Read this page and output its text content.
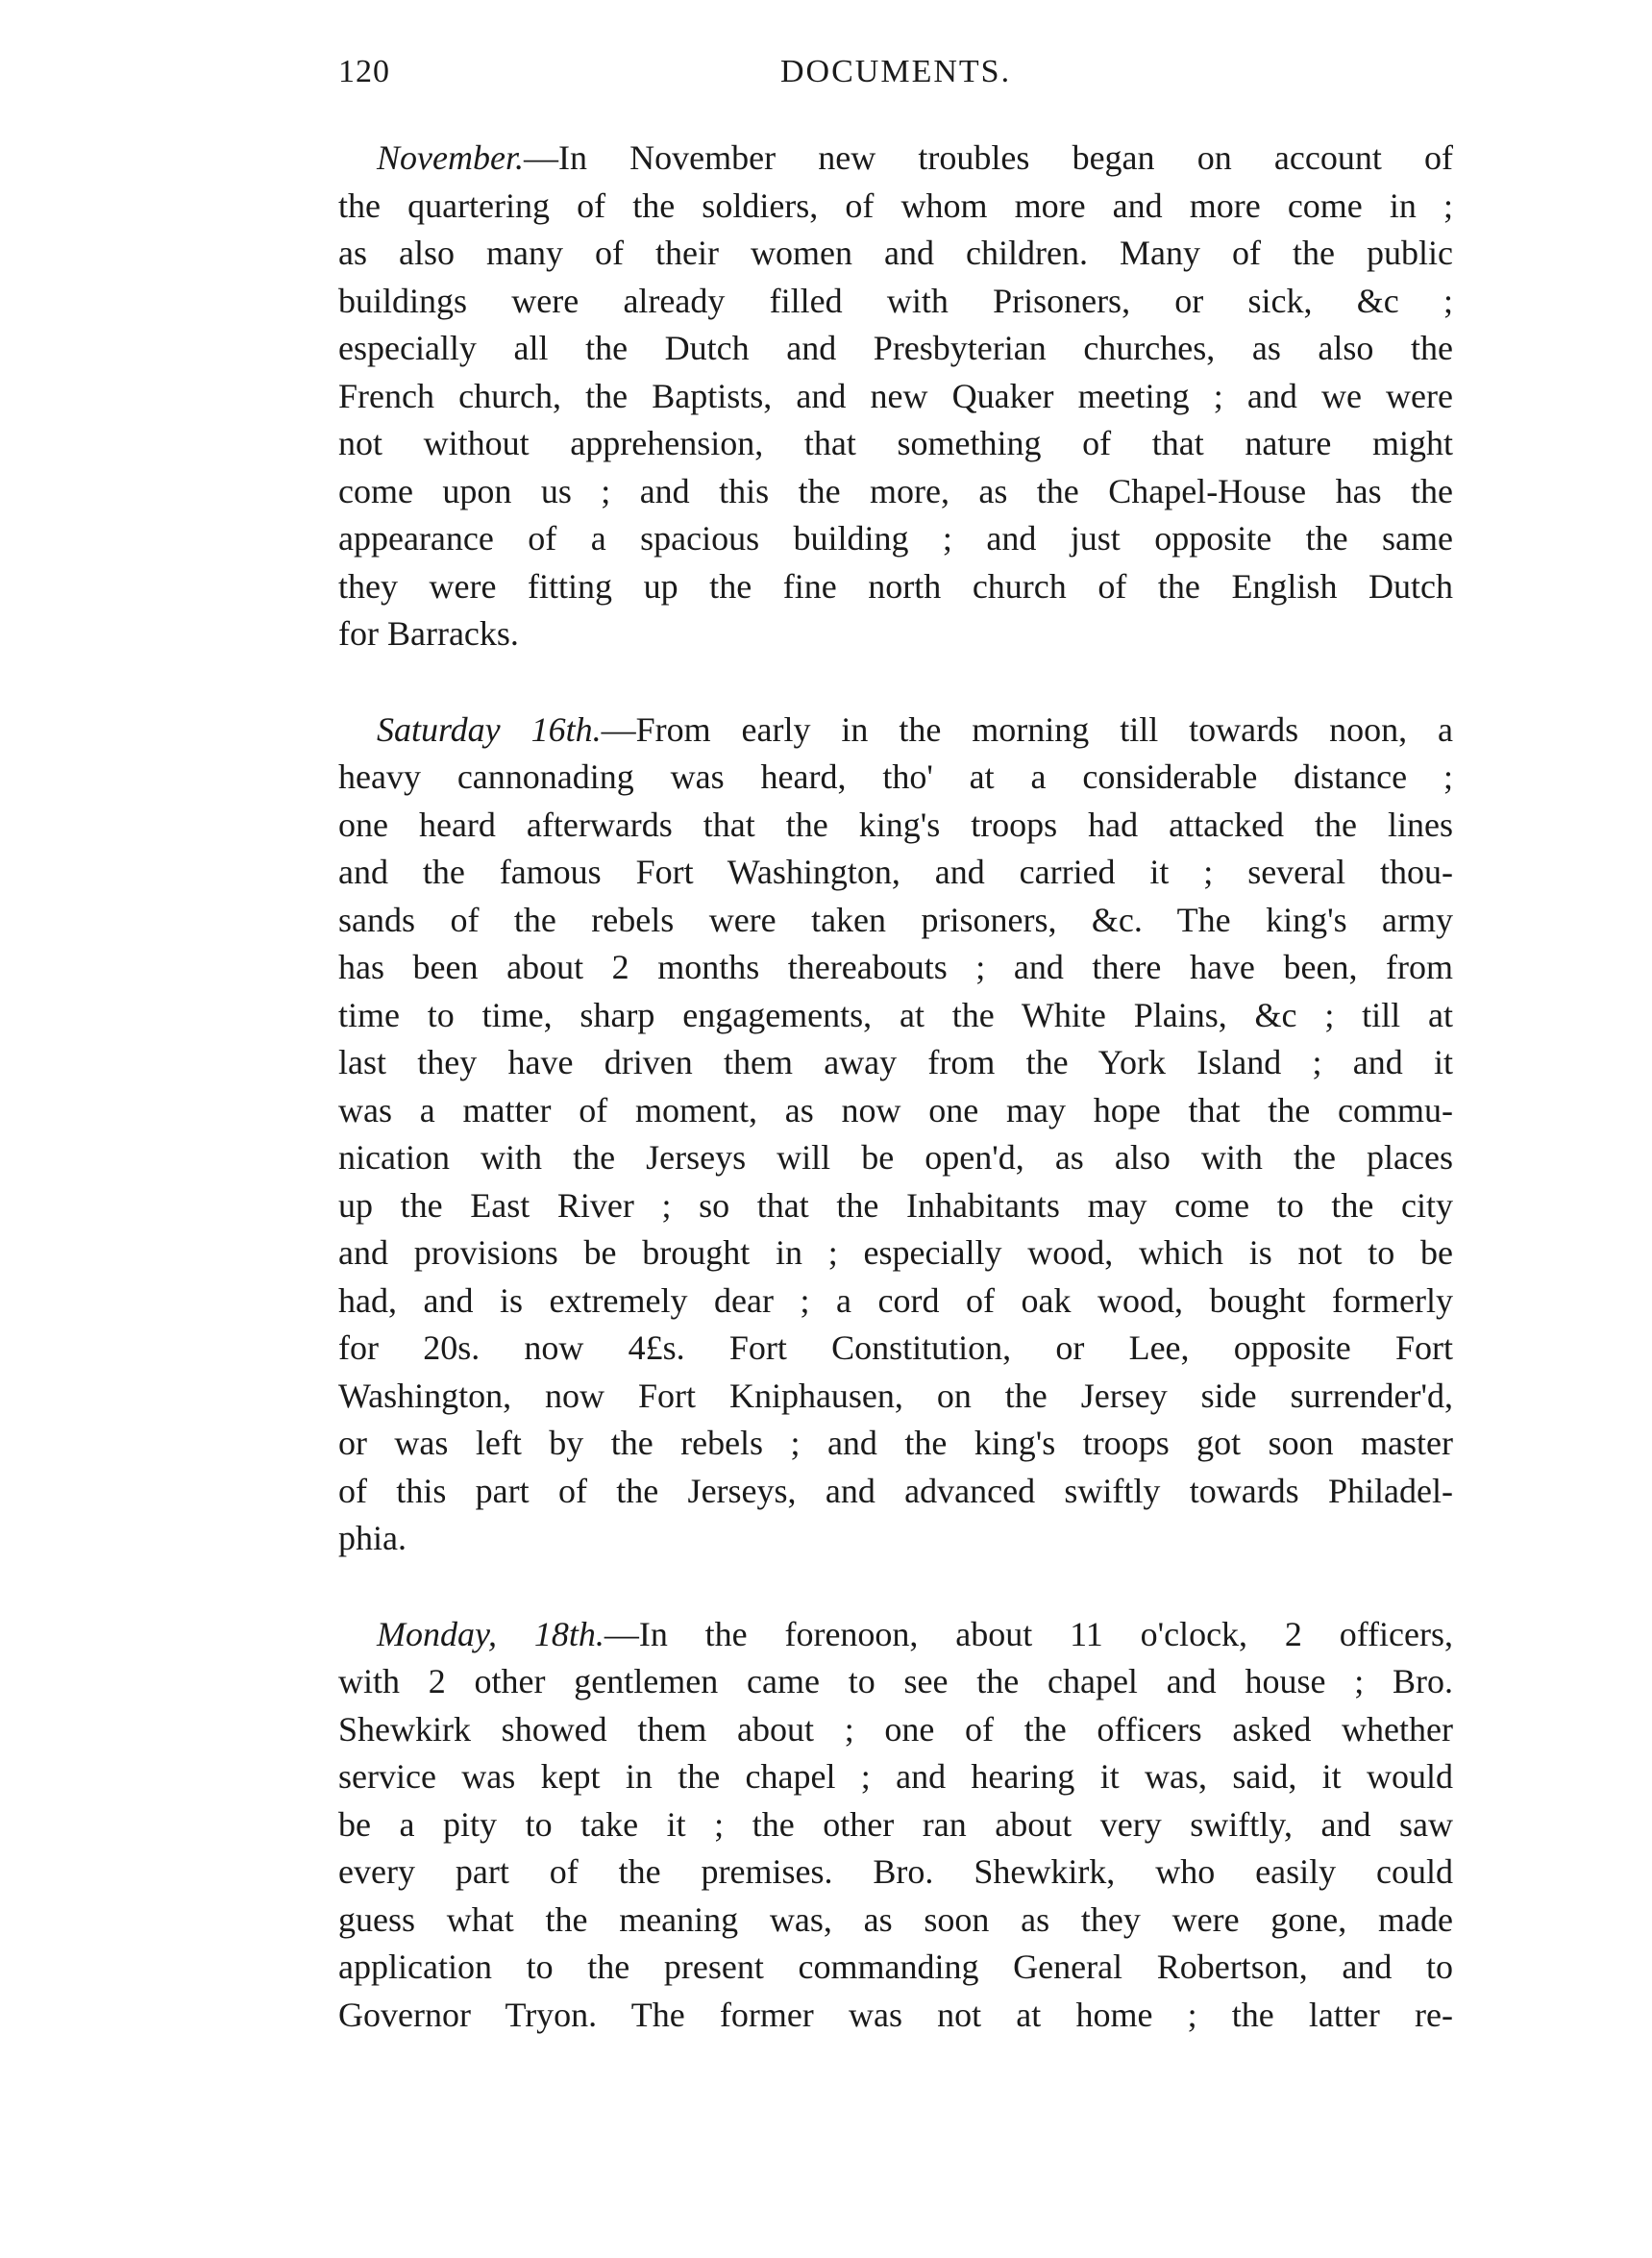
120	DOCUMENTS.
November.—In November new troubles began on account of
the quartering of the soldiers, of whom more and more come in ;
as also many of their women and children. Many of the public
buildings were already filled with Prisoners, or sick, &c ;
especially all the Dutch and Presbyterian churches, as also the
French church, the Baptists, and new Quaker meeting ; and we were
not without apprehension, that something of that nature might
come upon us ; and this the more, as the Chapel-House has the
appearance of a spacious building ; and just opposite the same
they were fitting up the fine north church of the English Dutch
for Barracks.
Saturday 16th.—From early in the morning till towards noon, a
heavy cannonading was heard, tho' at a considerable distance ;
one heard afterwards that the king's troops had attacked the lines
and the famous Fort Washington, and carried it ; several thou-
sands of the rebels were taken prisoners, &c. The king's army
has been about 2 months thereabouts ; and there have been, from
time to time, sharp engagements, at the White Plains, &c ; till at
last they have driven them away from the York Island ; and it
was a matter of moment, as now one may hope that the commu-
nication with the Jerseys will be open'd, as also with the places
up the East River ; so that the Inhabitants may come to the city
and provisions be brought in ; especially wood, which is not to be
had, and is extremely dear ; a cord of oak wood, bought formerly
for 20s. now 4£s. Fort Constitution, or Lee, opposite Fort
Washington, now Fort Kniphausen, on the Jersey side surrender'd,
or was left by the rebels ; and the king's troops got soon master
of this part of the Jerseys, and advanced swiftly towards Philadel-
phia.
Monday, 18th.—In the forenoon, about 11 o'clock, 2 officers,
with 2 other gentlemen came to see the chapel and house ; Bro.
Shewkirk showed them about ; one of the officers asked whether
service was kept in the chapel ; and hearing it was, said, it would
be a pity to take it ; the other ran about very swiftly, and saw
every part of the premises. Bro. Shewkirk, who easily could
guess what the meaning was, as soon as they were gone, made
application to the present commanding General Robertson, and to
Governor Tryon. The former was not at home ; the latter re-
